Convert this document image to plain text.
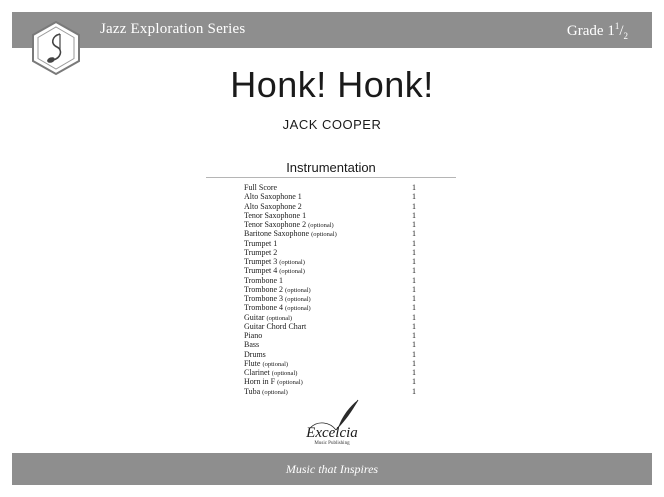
Jazz Exploration Series	Grade $1^1/_2$
Honk! Honk!
JACK COOPER
Instrumentation
Full Score	1
Alto Saxophone 1	1
Alto Saxophone 2	1
Tenor Saxophone 1	1
Tenor Saxophone 2 (optional)	1
Baritone Saxophone (optional)	1
Trumpet 1	1
Trumpet 2	1
Trumpet 3 (optional)	1
Trumpet 4 (optional)	1
Trombone 1	1
Trombone 2 (optional)	1
Trombone 3 (optional)	1
Trombone 4 (optional)	1
Guitar (optional)	1
Guitar Chord Chart	1
Piano	1
Bass	1
Drums	1
Flute (optional)	1
Clarinet (optional)	1
Horn in F (optional)	1
Tuba (optional)	1
Excelcia
Music Publishing
Music that Inspires
